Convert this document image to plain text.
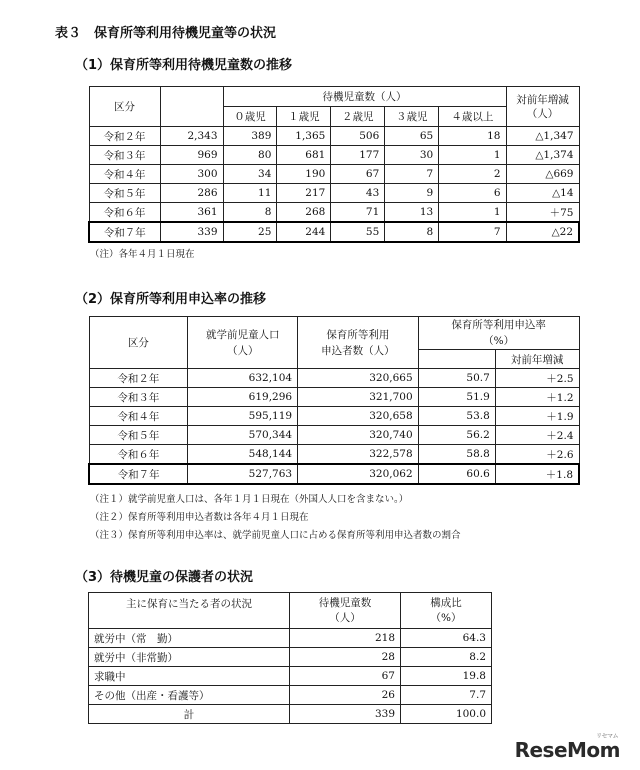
表３　保育所等利用待機児童等の状況
（1）保育所等利用待機児童数の推移
区分		待機児童数（人）					対前年増減
（人）
		０歳児	１歳児	２歳児	３歳児	４歳以上	
令和２年	2,343	389	1,365	506	65	18	△1,347
令和３年	969	80	681	177	30	1	△1,374
令和４年	300	34	190	67	7	2	△669
令和５年	286	11	217	43	9	6	△14
令和６年	361	8	268	71	13	1	＋75
令和７年	339	25	244	55	8	7	△22
（注）各年４月１日現在
（2）保育所等利用申込率の推移
区分	就学前児童人口
（人）	保育所等利用
申込者数（人）	保育所等利用申込率
（%）	
				対前年増減
令和２年	632,104	320,665	50.7	＋2.5
令和３年	619,296	321,700	51.9	＋1.2
令和４年	595,119	320,658	53.8	＋1.9
令和５年	570,344	320,740	56.2	＋2.4
令和６年	548,144	322,578	58.8	＋2.6
令和７年	527,763	320,062	60.6	＋1.8
（注１）就学前児童人口は、各年１月１日現在（外国人人口を含まない。）
（注２）保育所等利用申込者数は各年４月１日現在
（注３）保育所等利用申込率は、就学前児童人口に占める保育所等利用申込者数の割合
（3）待機児童の保護者の状況
主に保育に当たる者の状況	待機児童数
（人）	構成比
（%）
就労中（常　勤）	218	64.3
就労中（非常勤）	28	8.2
求職中	67	19.8
その他（出産・看護等）	26	7.7
計	339	100.0
リセマム
ReseMom
